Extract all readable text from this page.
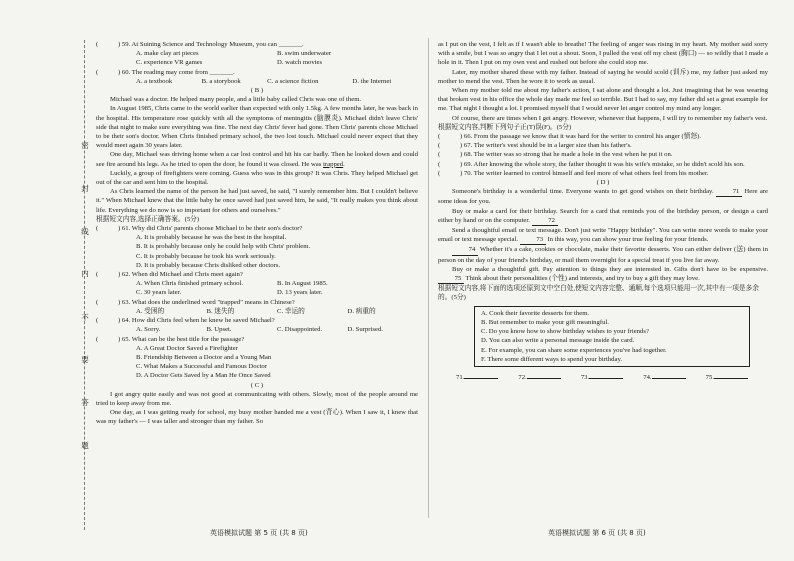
密
封
线
内
不
要
答
题
(	) 59. At Suining Science and Technology Museum, you can _______.
A. make clay art pieces	B. swim underwater
C. experience VR games	D. watch movies
(	) 60. The reading may come from _______.
A. a textbook	B. a storybook	C. a science fiction	D. the Internet

( B )

Michael was a doctor. He helped many people, and a little baby called Chris was one of them.

In August 1985, Chris came to the world earlier than expected with only 1.5kg. A few months later, he was back in the hospital. His temperature rose quickly with all the symptoms of meningitis (脑膜炎). Michael didn't leave Chris' side that night to make sure everything was fine. The next day Chris' fever had gone. Then Chris' parents chose Michael to be their son's doctor. When Chris finished primary school, the two lost touch. Michael could never expect that they would meet again 30 years later.

One day, Michael was driving home when a car lost control and hit his car badly. Then he looked down and could see fire around his legs. As he tried to open the door, he found it was closed. He was trapped.

Luckily, a group of firefighters were coming. Guess who was in this group? It was Chris. They helped Michael get out of the car and sent him to the hospital.

As Chris learned the name of the person he had just saved, he said, "I surely remember him. But I couldn't believe it." When Michael knew that the little baby he once saved had just saved him, he said, "It really makes you think about life. Everything we do now is so important for others and ourselves."

根据短文内容,选择正确答案。(5分)

(	) 61. Why did Chris' parents choose Michael to be their son's doctor?
A. It is probably because he was the best in the hospital.
B. It is probably because only he could help with Chris' problem.
C. It is probably because he took his work seriously.
D. It is probably because Chris disliked other doctors.
(	) 62. When did Michael and Chris meet again?
A. When Chris finished primary school.	B. In August 1985.
C. 30 years later.	D. 13 years later.
(	) 63. What does the underlined word "trapped" means in Chinese?
A. 受困的	B. 迷失的	C. 幸运的	D. 病重的
(	) 64. How did Chris feel when he knew he saved Michael?
A. Sorry.	B. Upset.	C. Disappointed.	D. Surprised.
(	) 65. What can be the best title for the passage?
A. A Great Doctor Saved a Firefighter
B. Friendship Between a Doctor and a Young Man
C. What Makes a Successful and Famous Doctor
D. A Doctor Gets Saved by a Man He Once Saved

( C )

I got angry quite easily and was not good at communicating with others. Slowly, most of the people around me tried to keep away from me.

One day, as I was getting ready for school, my busy mother handed me a vest (背心). When I saw it, I knew that was my father's — I was taller and stronger than my father. So

英语模拟试题 第 5 页 (共 8 页)

as I put on the vest, I felt as if I wasn't able to breathe! The feeling of anger was rising in my heart. My mother said sorry with a smile, but I was so angry that I let out a shout. Soon, I pulled the vest off my chest (胸口) — so wildly that I made a hole in it. Then I put on my own vest and rushed out before she could stop me.

Later, my mother shared these with my father. Instead of saying he would scold (训斥) me, my father just asked my mother to mend the vest. Then he wore it to work as usual.

When my mother told me about my father's action, I sat alone and thought a lot. Just imagining that he was wearing that broken vest in his office the whole day made me feel so terrible. But I had to say, my father did set a great example for me. That night I thought a lot. I promised myself that I would never let anger control my mind any longer.

Of course, there are times when I get angry. However, whenever that happens, I will try to remember my father's vest.

根据短文内容,判断下列句子正(T)误(F)。(5分)

(	) 66. From the passage we know that it was hard for the writer to control his anger (愤怒).
(	) 67. The writer's vest should be in a larger size than his father's.
(	) 68. The writer was so strong that he made a hole in the vest when he put it on.
(	) 69. After knowing the whole story, the father thought it was his wife's mistake, so he didn't scold his son.
(	) 70. The writer learned to control himself and feel more of what others feel from his mother.

( D )

Someone's birthday is a wonderful time. Everyone wants to get good wishes on their birthday. 71 Here are some ideas for you.

Buy or make a card for their birthday. Search for a card that reminds you of the birthday person, or design a card either by hand or on the computer. 72

Send a thoughtful email or text message. Don't just write "Happy birthday". You can write more words to make your email or text message special. 73 In this way, you can show your true feeling for your friends.

74 Whether it's a cake, cookies or chocolate, make their favorite desserts. You can either deliver (送) them in person on the day of your friend's birthday, or mail them overnight for a special treat if you live far away.

Buy or make a thoughtful gift. Pay attention to things they are interested in. Gifts don't have to be expensive. 75 Think about their personalities (个性) and interests, and try to buy a gift they may love.

根据短文内容,将下面的选项还原到文中空白处,使短文内容完整、通顺,每个选项只能用一次,其中有一项是多余的。(5分)

A. Cook their favorite desserts for them.
B. But remember to make your gift meaningful.
C. Do you know how to show birthday wishes to your friends?
D. You can also write a personal message inside the card.
E. For example, you can share some experiences you've had together.
F. There some different ways to spend your birthday.
71.	72.	73.	74.	75.
英语模拟试题 第 6 页 (共 8 页)
